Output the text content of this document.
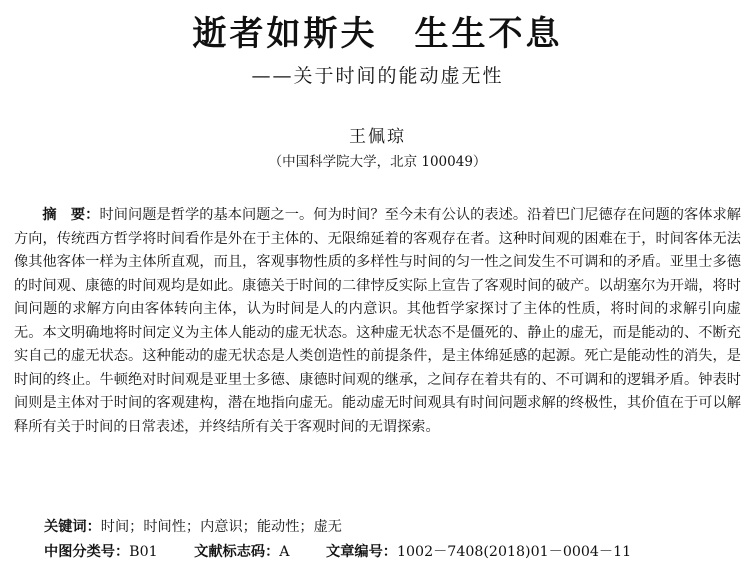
逝者如斯夫　生生不息
——关于时间的能动虚无性
王佩琼
（中国科学院大学，北京 100049）
摘　要：时间问题是哲学的基本问题之一。何为时间？至今未有公认的表述。沿着巴门尼德存在问题的客体求解方向，传统西方哲学将时间看作是外在于主体的、无限绵延着的客观存在者。这种时间观的困难在于，时间客体无法像其他客体一样为主体所直观，而且，客观事物性质的多样性与时间的匀一性之间发生不可调和的矛盾。亚里士多德的时间观、康德的时间观均是如此。康德关于时间的二律悖反实际上宣告了客观时间的破产。以胡塞尔为开端，将时间问题的求解方向由客体转向主体，认为时间是人的内意识。其他哲学家探讨了主体的性质，将时间的求解引向虚无。本文明确地将时间定义为主体人能动的虚无状态。这种虚无状态不是僵死的、静止的虚无，而是能动的、不断充实自己的虚无状态。这种能动的虚无状态是人类创造性的前提条件，是主体绵延感的起源。死亡是能动性的消失，是时间的终止。牛顿绝对时间观是亚里士多德、康德时间观的继承，之间存在着共有的、不可调和的逻辑矛盾。钟表时间则是主体对于时间的客观建构，潜在地指向虚无。能动虚无时间观具有时间问题求解的终极性，其价值在于可以解释所有关于时间的日常表述，并终结所有关于客观时间的无谓探索。
关键词：时间；时间性；内意识；能动性；虚无
中图分类号：B01	文献标志码：A	文章编号：1002－7408(2018)01－0004－11
